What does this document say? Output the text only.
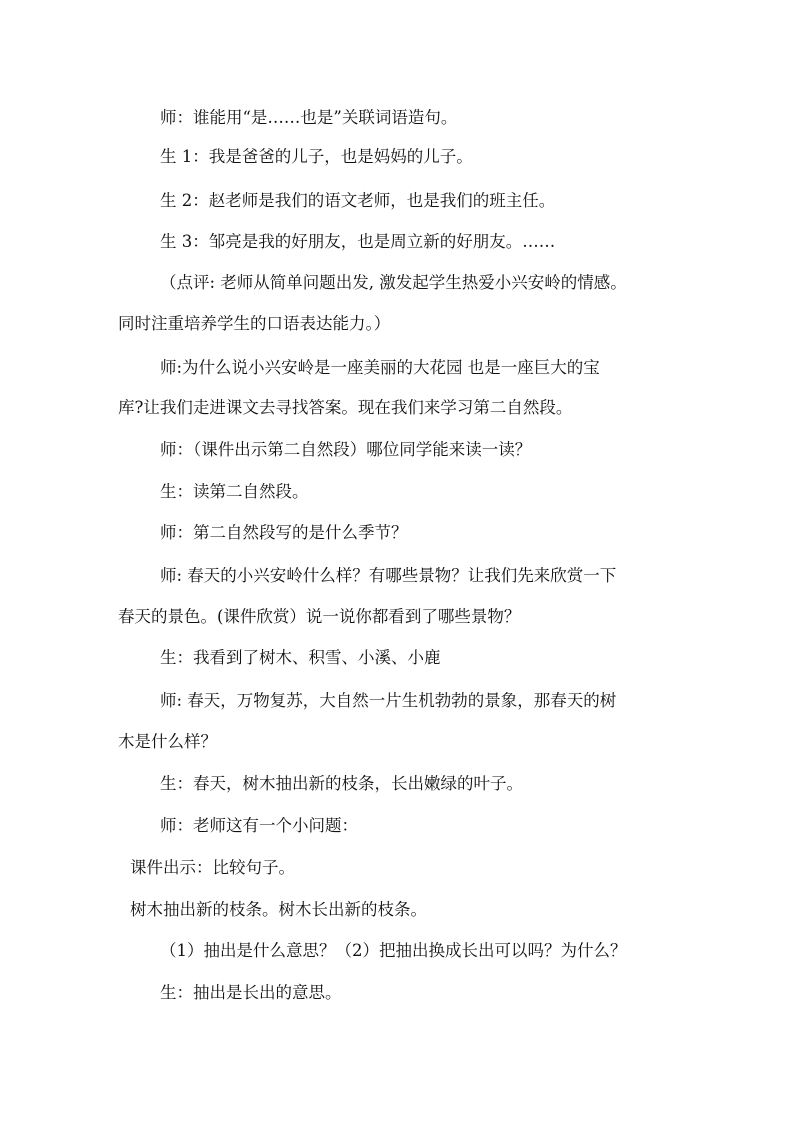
师：谁能用“是……也是”关联词语造句。
生 1：我是爸爸的儿子，也是妈妈的儿子。
生 2：赵老师是我们的语文老师，也是我们的班主任。
生 3：邹亮是我的好朋友，也是周立新的好朋友。……
（点评: 老师从简单问题出发, 激发起学生热爱小兴安岭的情感。
同时注重培养学生的口语表达能力。）
师:为什么说小兴安岭是一座美丽的大花园 也是一座巨大的宝
库?让我们走进课文去寻找答案。现在我们来学习第二自然段。
师：（课件出示第二自然段）哪位同学能来读一读？
生：读第二自然段。
师：第二自然段写的是什么季节？
师: 春天的小兴安岭什么样？有哪些景物？让我们先来欣赏一下
春天的景色。(课件欣赏）说一说你都看到了哪些景物？
生：我看到了树木、积雪、小溪、小鹿
师: 春天，万物复苏，大自然一片生机勃勃的景象，那春天的树
木是什么样？
生：春天，树木抽出新的枝条，长出嫩绿的叶子。
师：老师这有一个小问题：
课件出示：比较句子。
树木抽出新的枝条。树木长出新的枝条。
（1）抽出是什么意思？（2）把抽出换成长出可以吗？为什么？
生：抽出是长出的意思。
